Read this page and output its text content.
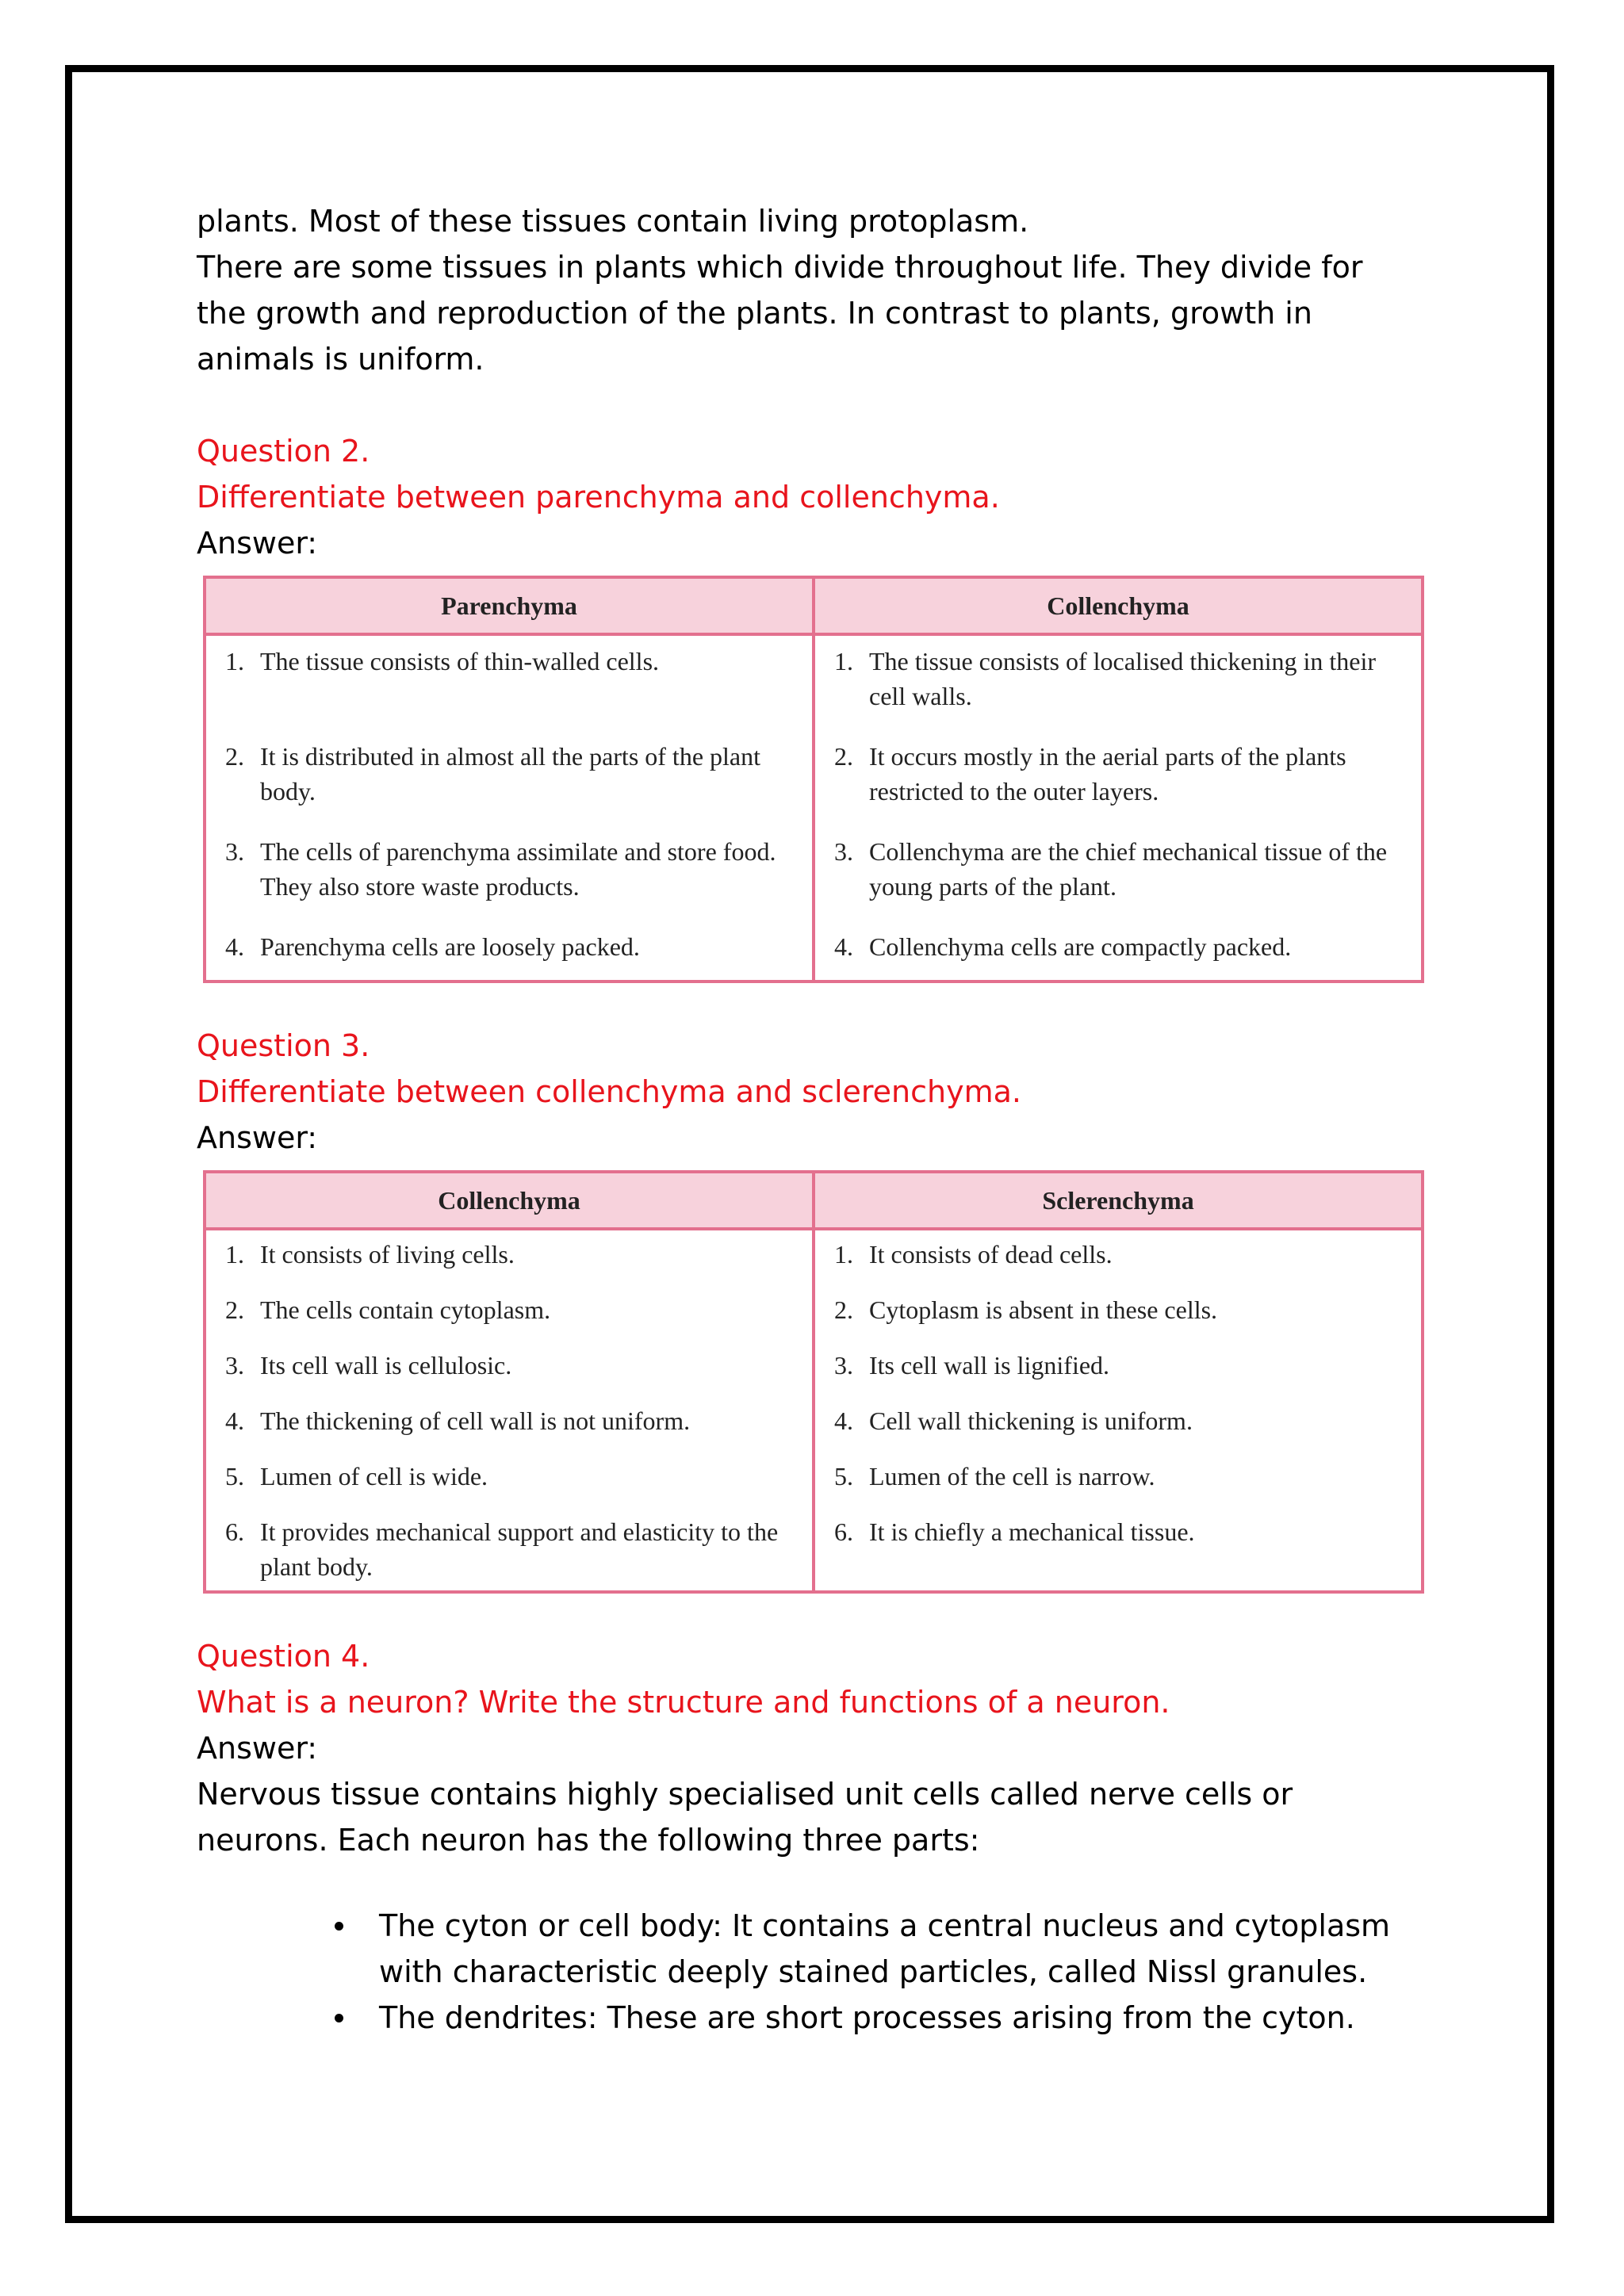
plants. Most of these tissues contain living protoplasm.
There are some tissues in plants which divide throughout life. They divide for
the growth and reproduction of the plants. In contrast to plants, growth in
animals is uniform.

Question 2.

Differentiate between parenchyma and collenchyma.

Answer:

Parenchyma	Collenchyma

1. The tissue consists of thin-walled cells.	1. The tissue consists of localised thickening in their cell walls.

2. It is distributed in almost all the parts of the plant body.	2. It occurs mostly in the aerial parts of the plants restricted to the outer layers.

3. The cells of parenchyma assimilate and store food. They also store waste products.	3. Collenchyma are the chief mechanical tissue of the young parts of the plant.

4. Parenchyma cells are loosely packed.	4. Collenchyma cells are compactly packed.

Question 3.

Differentiate between collenchyma and sclerenchyma.

Answer:

Collenchyma	Sclerenchyma

1. It consists of living cells.	1. It consists of dead cells.

2. The cells contain cytoplasm.	2. Cytoplasm is absent in these cells.

3. Its cell wall is cellulosic.	3. Its cell wall is lignified.

4. The thickening of cell wall is not uniform.	4. Cell wall thickening is uniform.

5. Lumen of cell is wide.	5. Lumen of the cell is narrow.

6. It provides mechanical support and elasticity to the plant body.	6. It is chiefly a mechanical tissue.

Question 4.

What is a neuron? Write the structure and functions of a neuron.

Answer:

Nervous tissue contains highly specialised unit cells called nerve cells or
neurons. Each neuron has the following three parts:
The cyton or cell body: It contains a central nucleus and cytoplasm with characteristic deeply stained particles, called Nissl granules.
The dendrites: These are short processes arising from the cyton.
